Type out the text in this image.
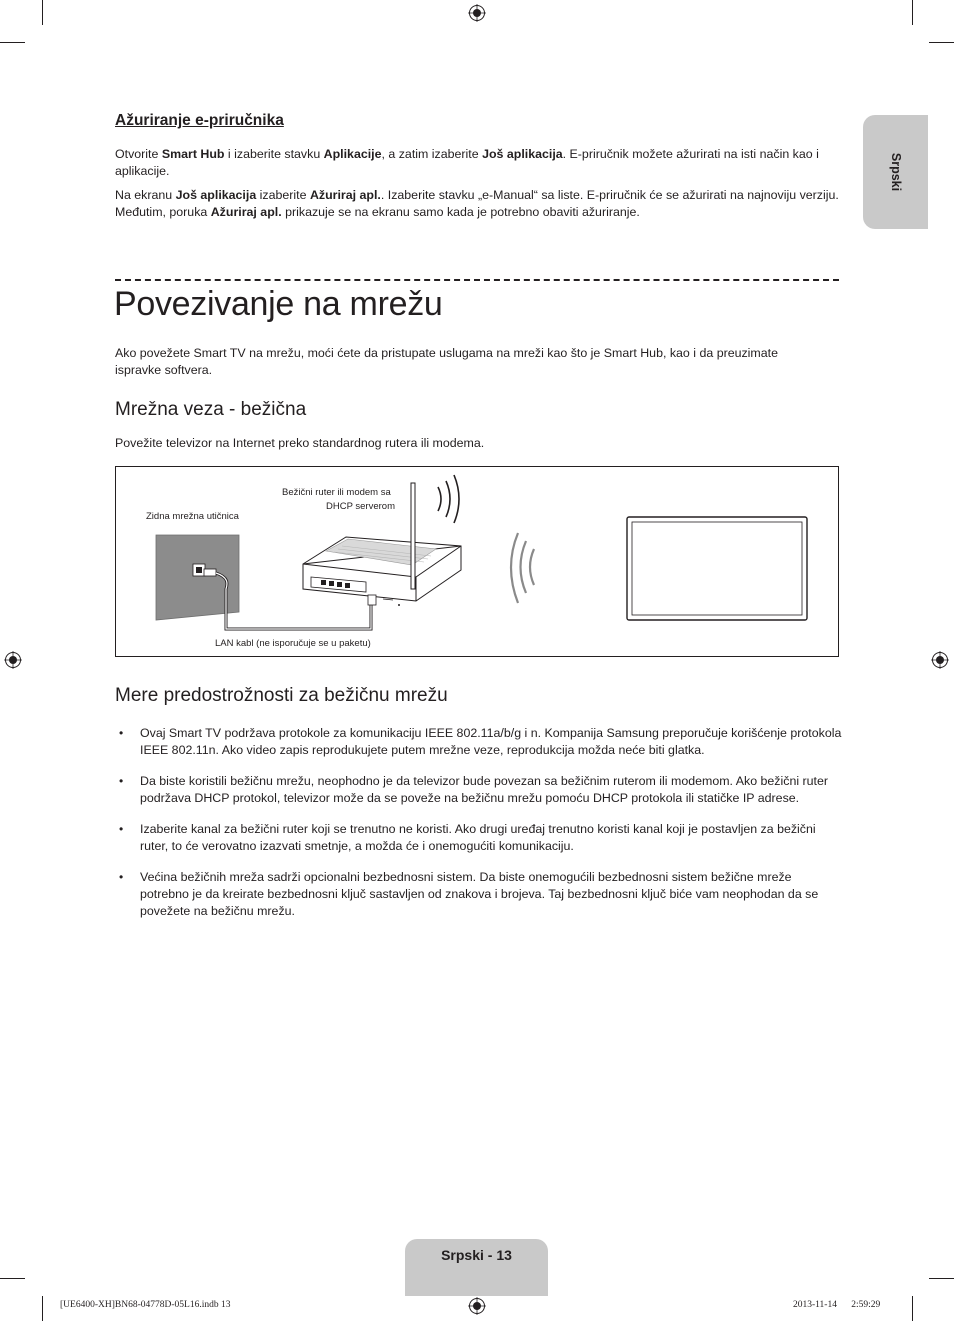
Srpski
Ažuriranje e-priručnika

Otvorite Smart Hub i izaberite stavku Aplikacije, a zatim izaberite Još aplikacija. E-priručnik možete ažurirati na isti način kao i aplikacije.

Na ekranu Još aplikacija izaberite Ažuriraj apl.. Izaberite stavku „e-Manual“ sa liste. E-priručnik će se ažurirati na najnoviju verziju. Međutim, poruka Ažuriraj apl. prikazuje se na ekranu samo kada je potrebno obaviti ažuriranje.

Povezivanje na mrežu

Ako povežete Smart TV na mrežu, moći ćete da pristupate uslugama na mreži kao što je Smart Hub, kao i da preuzimate ispravke softvera.

Mrežna veza - bežična

Povežite televizor na Internet preko standardnog rutera ili modema.

Zidna mrežna utičnica
Bežični ruter ili modem sa
DHCP serverom
LAN kabl (ne isporučuje se u paketu)
Mere predostrožnosti za bežičnu mrežu
• Ovaj Smart TV podržava protokole za komunikaciju IEEE 802.11a/b/g i n. Kompanija Samsung preporučuje korišćenje protokola IEEE 802.11n. Ako video zapis reprodukujete putem mrežne veze, reprodukcija možda neće biti glatka.
• Da biste koristili bežičnu mrežu, neophodno je da televizor bude povezan sa bežičnim ruterom ili modemom. Ako bežični ruter podržava DHCP protokol, televizor može da se poveže na bežičnu mrežu pomoću DHCP protokola ili statičke IP adrese.
• Izaberite kanal za bežični ruter koji se trenutno ne koristi. Ako drugi uređaj trenutno koristi kanal koji je postavljen za bežični ruter, to će verovatno izazvati smetnje, a možda će i onemogućiti komunikaciju.
• Većina bežičnih mreža sadrži opcionalni bezbednosni sistem. Da biste onemogućili bezbednosni sistem bežične mreže potrebno je da kreirate bezbednosni ključ sastavljen od znakova i brojeva. Taj bezbednosni ključ biće vam neophodan da se povežete na bežičnu mrežu.
Srpski - 13
[UE6400-XH]BN68-04778D-05L16.indb 13	2013-11-14   2:59:29
